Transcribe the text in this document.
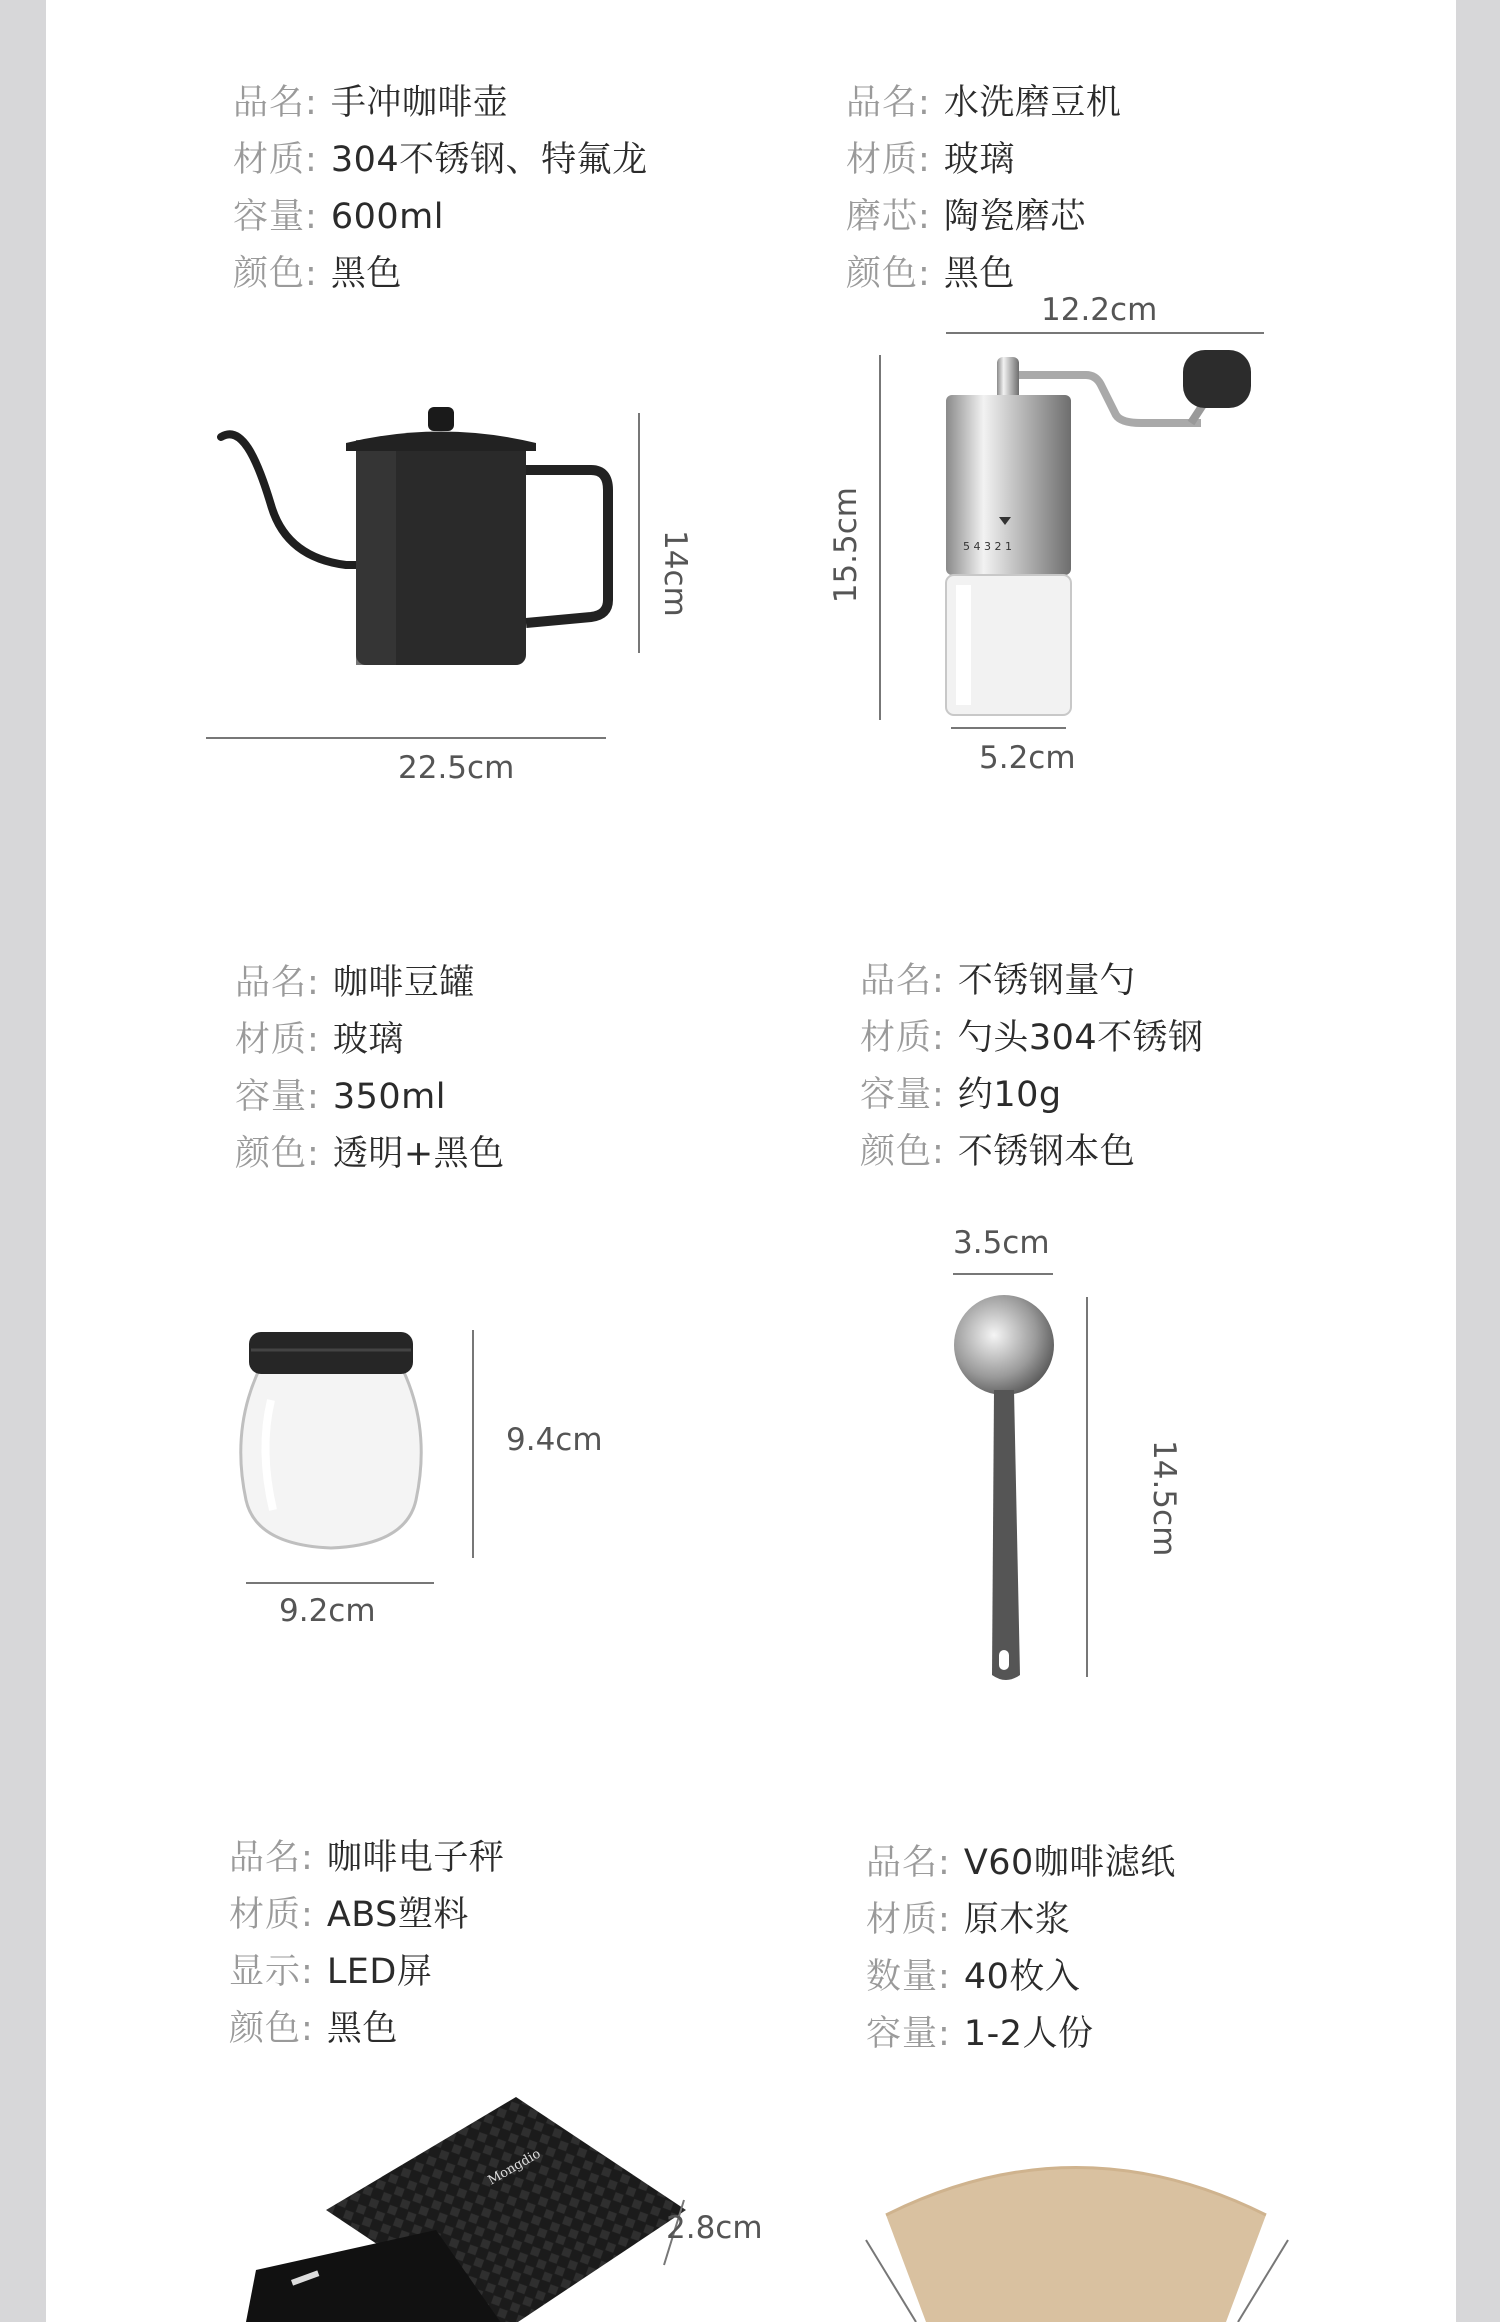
品名 : 手冲咖啡壶
材质 : 304不锈钢、特氟龙
容量 : 600ml
颜色 : 黑色
14cm
22.5cm
品名 : 水洗磨豆机
材质 : 玻璃
磨芯 : 陶瓷磨芯
颜色 : 黑色
12.2cm
15.5cm	5 4 3 2 1
5.2cm
品名 : 咖啡豆罐
材质 : 玻璃
容量 : 350ml
颜色 : 透明+黑色
9.4cm
9.2cm
品名 : 不锈钢量勺
材质 : 勺头304不锈钢
容量 : 约10g
颜色 : 不锈钢本色
3.5cm
14.5cm
品名 : 咖啡电子秤
材质 : ABS塑料
显示 : LED屏
颜色 : 黑色
Mongdio
2.8cm
品名 : V60咖啡滤纸
材质 : 原木浆
数量 : 40枚入
容量 : 1-2人份
